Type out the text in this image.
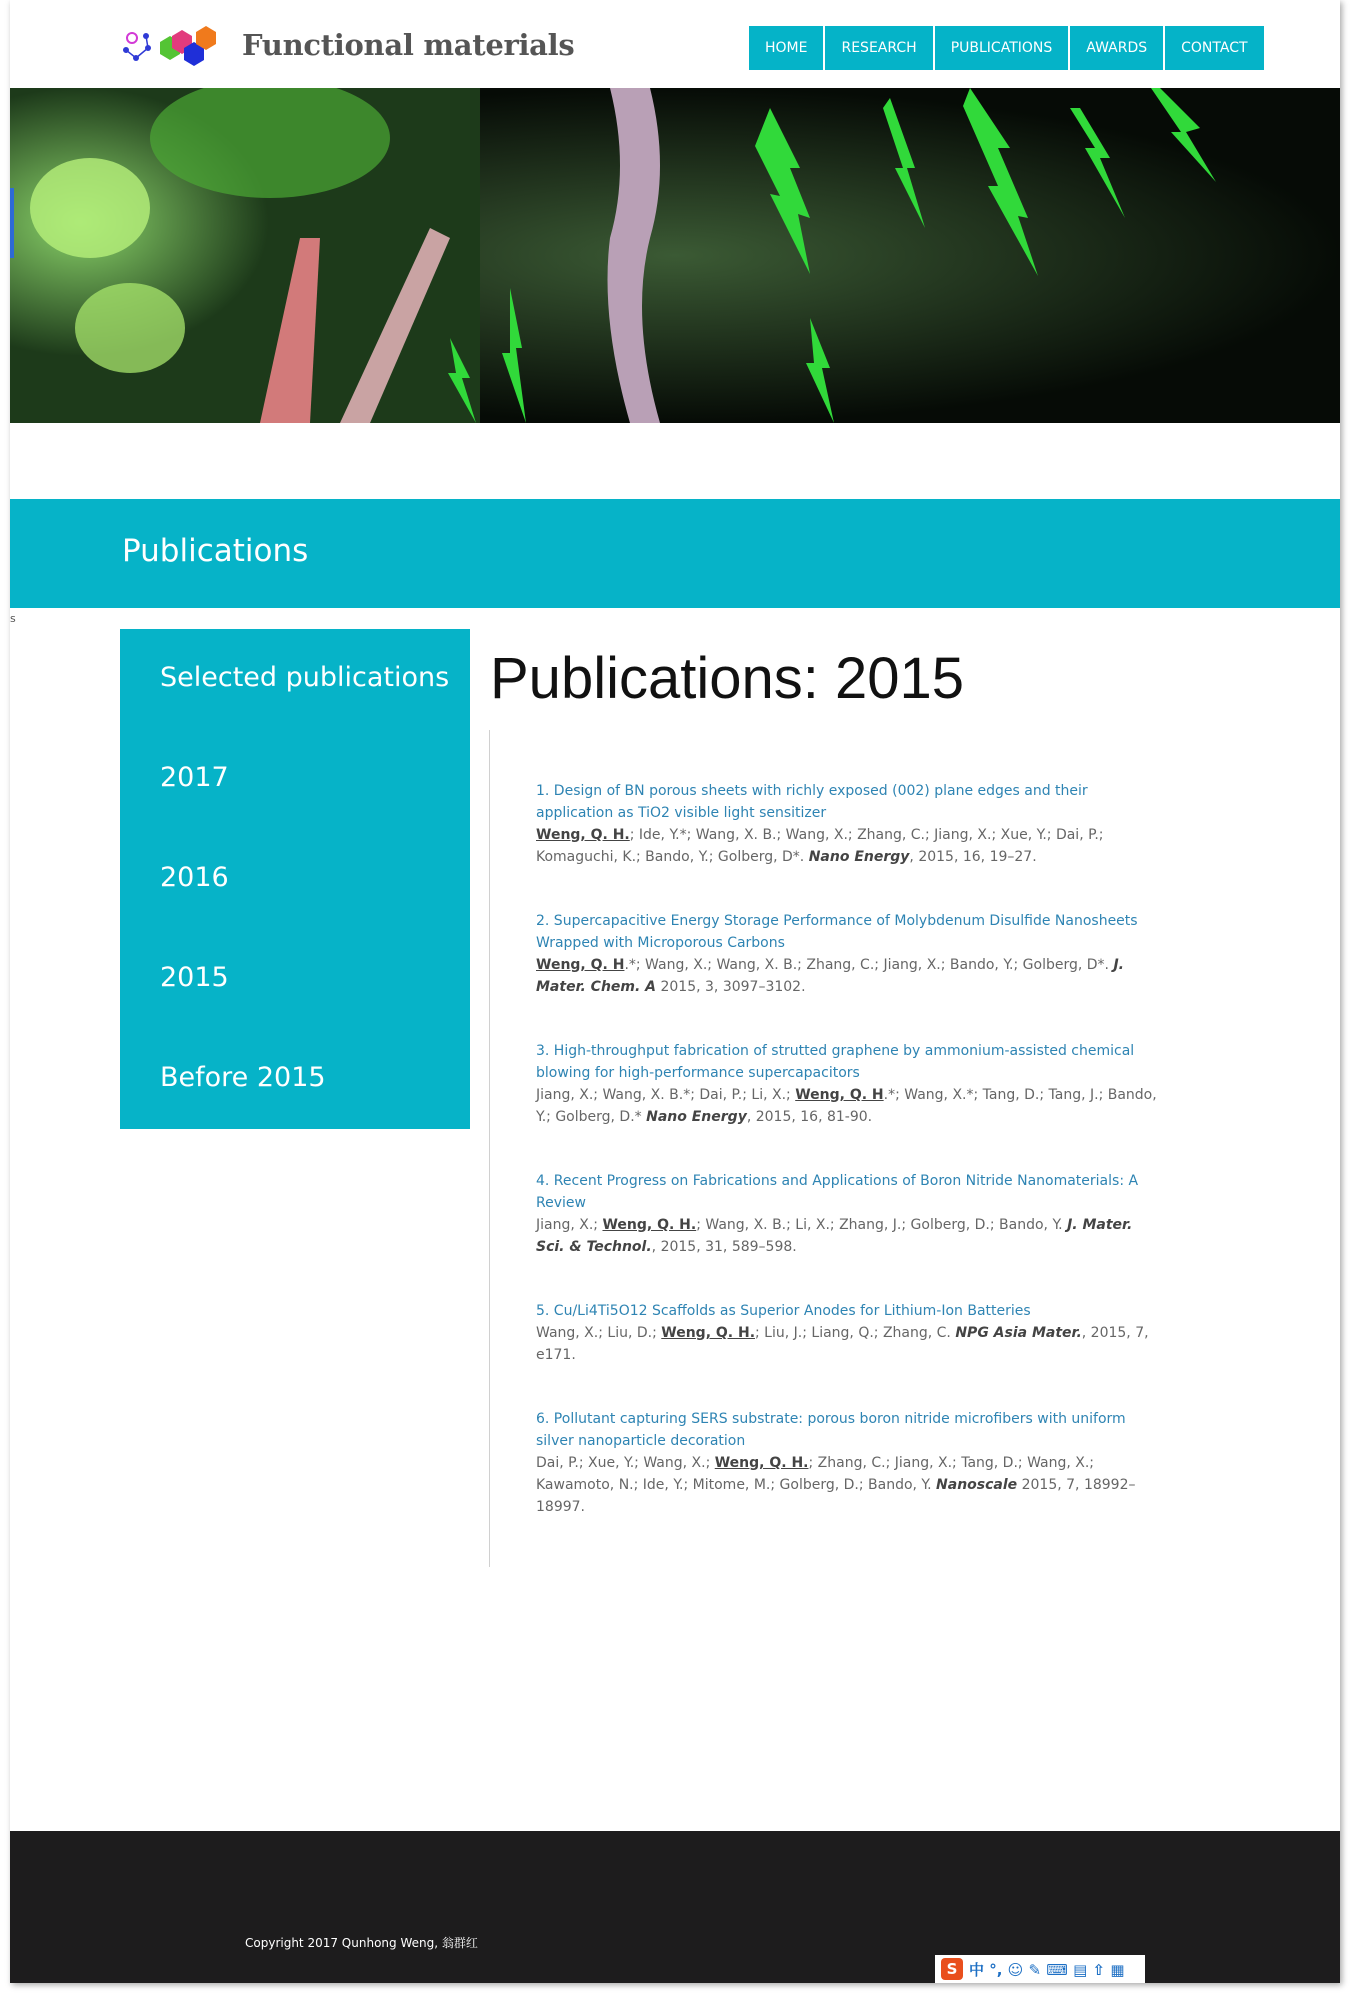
Functional materials	HOME	RESEARCH	PUBLICATIONS	AWARDS	CONTACT
Publications
s
Selected publications
2017
2016
2015
Before 2015
Publications: 2015
1. Design of BN porous sheets with richly exposed (002) plane edges and their application as TiO2 visible light sensitizer
Weng, Q. H.; Ide, Y.*; Wang, X. B.; Wang, X.; Zhang, C.; Jiang, X.; Xue, Y.; Dai, P.; Komaguchi, K.; Bando, Y.; Golberg, D*. Nano Energy, 2015, 16, 19–27.
2. Supercapacitive Energy Storage Performance of Molybdenum Disulfide Nanosheets Wrapped with Microporous Carbons
Weng, Q. H.*; Wang, X.; Wang, X. B.; Zhang, C.; Jiang, X.; Bando, Y.; Golberg, D*. J. Mater. Chem. A 2015, 3, 3097–3102.
3. High-throughput fabrication of strutted graphene by ammonium-assisted chemical blowing for high-performance supercapacitors
Jiang, X.; Wang, X. B.*; Dai, P.; Li, X.; Weng, Q. H.*; Wang, X.*; Tang, D.; Tang, J.; Bando, Y.; Golberg, D.* Nano Energy, 2015, 16, 81-90.
4. Recent Progress on Fabrications and Applications of Boron Nitride Nanomaterials: A Review
Jiang, X.; Weng, Q. H.; Wang, X. B.; Li, X.; Zhang, J.; Golberg, D.; Bando, Y. J. Mater. Sci. & Technol., 2015, 31, 589–598.
5. Cu/Li4Ti5O12 Scaffolds as Superior Anodes for Lithium-Ion Batteries
Wang, X.; Liu, D.; Weng, Q. H.; Liu, J.; Liang, Q.; Zhang, C. NPG Asia Mater., 2015, 7, e171.
6. Pollutant capturing SERS substrate: porous boron nitride microfibers with uniform silver nanoparticle decoration
Dai, P.; Xue, Y.; Wang, X.; Weng, Q. H.; Zhang, C.; Jiang, X.; Tang, D.; Wang, X.; Kawamoto, N.; Ide, Y.; Mitome, M.; Golberg, D.; Bando, Y. Nanoscale 2015, 7, 18992– 18997.
Copyright 2017 Qunhong Weng, 翁群红
S 中 °, ☺ ✎ ⌨ ▤ ⇧ ▦
